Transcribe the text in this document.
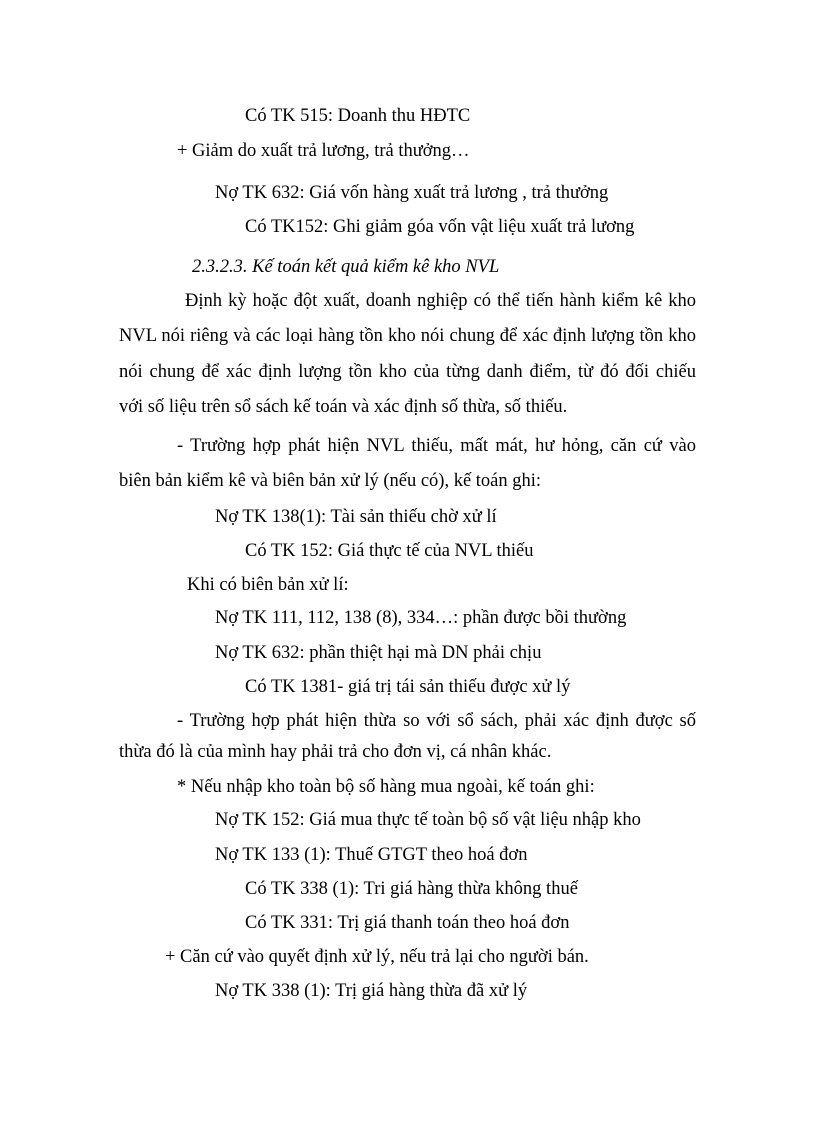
Có TK 515: Doanh thu HĐTC
+ Giảm do xuất trả lương, trả thưởng…
Nợ TK 632: Giá vốn hàng xuất trả lương , trả thưởng
Có TK152: Ghi giảm góa vốn vật liệu xuất trả lương
2.3.2.3. Kế toán kết quả kiểm kê kho NVL
Định kỳ hoặc đột xuất, doanh nghiệp có thể tiến hành kiểm kê kho
NVL nói riêng và các loại hàng tồn kho nói chung để xác định lượng tồn kho
nói chung để xác định lượng tồn kho của từng danh điểm, từ đó đối chiếu
với số liệu trên sổ sách kế toán và xác định số thừa, số thiếu.
- Trường hợp phát hiện NVL thiếu, mất mát, hư hỏng, căn cứ vào
biên bản kiểm kê và biên bản xử lý (nếu có), kế toán ghi:
Nợ TK 138(1): Tài sản thiếu chờ xử lí
Có TK 152: Giá thực tế của NVL thiếu
Khi có biên bản xử lí:
Nợ TK 111, 112, 138 (8), 334…: phần được bồi thường
Nợ TK 632: phần thiệt hại mà DN phải chịu
Có TK 1381- giá trị tái sản thiếu được xử lý
- Trường hợp phát hiện thừa so với sổ sách, phải xác định được số
thừa đó là của mình hay phải trả cho đơn vị, cá nhân khác.
* Nếu nhập kho toàn bộ số hàng mua ngoài, kế toán ghi:
Nợ TK 152: Giá mua thực tế toàn bộ số vật liệu nhập kho
Nợ TK 133 (1): Thuế GTGT theo hoá đơn
Có TK 338 (1): Tri giá hàng thừa không thuế
Có TK 331: Trị giá thanh toán theo hoá đơn
+ Căn cứ vào quyết định xử lý, nếu trả lại cho người bán.
Nợ TK 338 (1): Trị giá hàng thừa đã xử lý
